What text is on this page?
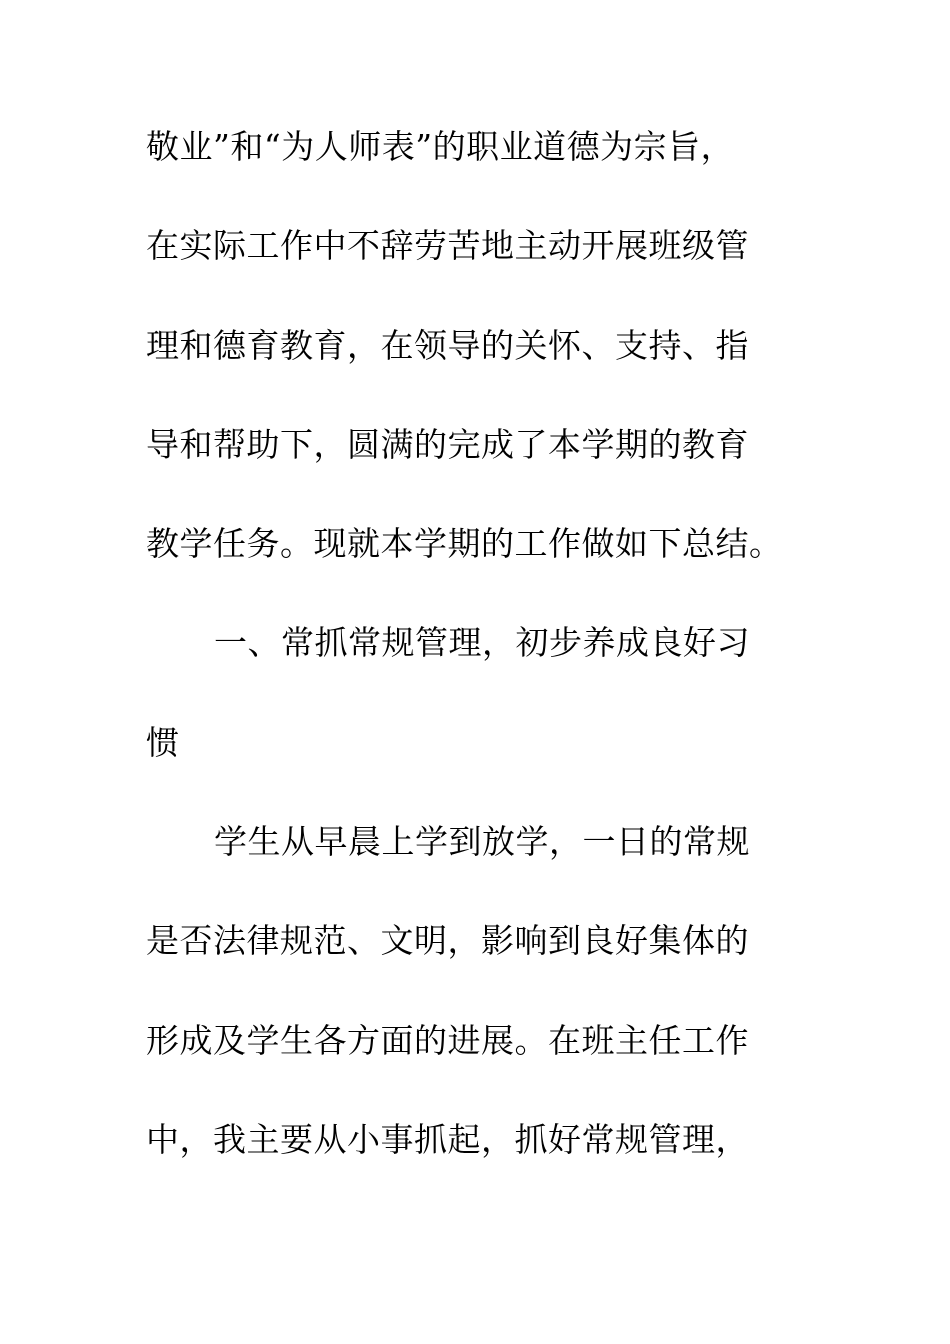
敬业”和“为人师表”的职业道德为宗旨，
在实际工作中不辞劳苦地主动开展班级管
理和德育教育，在领导的关怀、支持、指
导和帮助下，圆满的完成了本学期的教育
教学任务。现就本学期的工作做如下总结。
一、常抓常规管理，初步养成良好习
惯
学生从早晨上学到放学，一日的常规
是否法律规范、文明，影响到良好集体的
形成及学生各方面的进展。在班主任工作
中，我主要从小事抓起，抓好常规管理，
